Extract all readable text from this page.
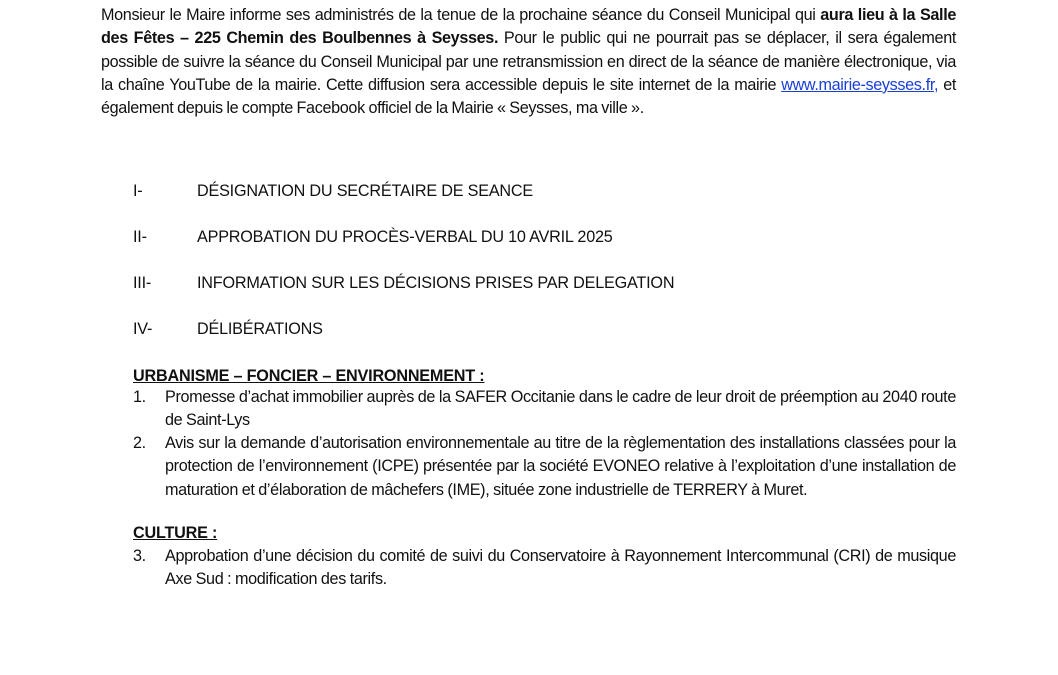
Monsieur le Maire informe ses administrés de la tenue de la prochaine séance du Conseil Municipal qui aura lieu à la Salle des Fêtes – 225 Chemin des Boulbennes à Seysses. Pour le public qui ne pourrait pas se déplacer, il sera également possible de suivre la séance du Conseil Municipal par une retransmission en direct de la séance de manière électronique, via la chaîne YouTube de la mairie. Cette diffusion sera accessible depuis le site internet de la mairie www.mairie-seysses.fr, et également depuis le compte Facebook officiel de la Mairie « Seysses, ma ville ».

I-	DÉSIGNATION DU SECRÉTAIRE DE SEANCE
II-	APPROBATION DU PROCÈS-VERBAL DU 10 AVRIL 2025
III-	INFORMATION SUR LES DÉCISIONS PRISES PAR DELEGATION
IV-	DÉLIBÉRATIONS
URBANISME – FONCIER – ENVIRONNEMENT :
1. Promesse d’achat immobilier auprès de la SAFER Occitanie dans le cadre de leur droit de préemption au 2040 route de Saint-Lys
2. Avis sur la demande d’autorisation environnementale au titre de la règlementation des installations classées pour la protection de l’environnement (ICPE) présentée par la société EVONEO relative à l’exploitation d’une installation de maturation et d’élaboration de mâchefers (IME), située zone industrielle de TERRERY à Muret.
CULTURE :
3. Approbation d’une décision du comité de suivi du Conservatoire à Rayonnement Intercommunal (CRI) de musique Axe Sud : modification des tarifs.
